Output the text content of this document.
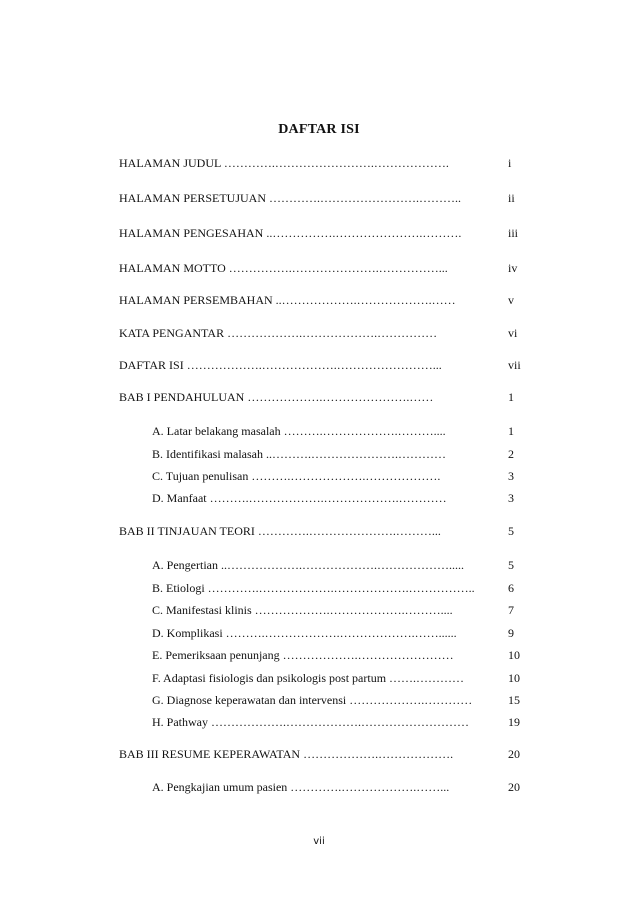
DAFTAR ISI
HALAMAN JUDUL ………….…………………….……………….	i
HALAMAN PERSETUJUAN ………….…………………….………..	ii
HALAMAN PENGESAHAN ..…………….………………….……….	iii
HALAMAN MOTTO …………….………………….……………...	iv
HALAMAN PERSEMBAHAN ..……………….……………….……	v
KATA PENGANTAR ……………….……………….……………	vi
DAFTAR ISI ……………….……………….……………………...	vii
BAB I PENDAHULUAN ……………….………………….……	1
A. Latar belakang masalah ……….……………….………....	1
B. Identifikasi malasah ..……….………………….…………	2
C. Tujuan penulisan ……….……………….……………….	3
D. Manfaat ……….……………….……………….…………	3
BAB II TINJAUAN TEORI ………….………………….………...	5
A. Pengertian ..……………….……………….……………….....	5
B. Etiologi ………….……………….……………….……………..	6
C. Manifestasi klinis ……………….……………….………....	7
D. Komplikasi ……….……………….……………….……......	9
E. Pemeriksaan penunjang ……………….……………………	10
F. Adaptasi fisiologis dan psikologis post partum …….…………	10
G. Diagnose keperawatan dan intervensi ……………….…………	15
H. Pathway ……………….……………….………………………	19
BAB III RESUME KEPERAWATAN ……………….……………….	20
A. Pengkajian umum pasien ………….……………….……...	20
vii
